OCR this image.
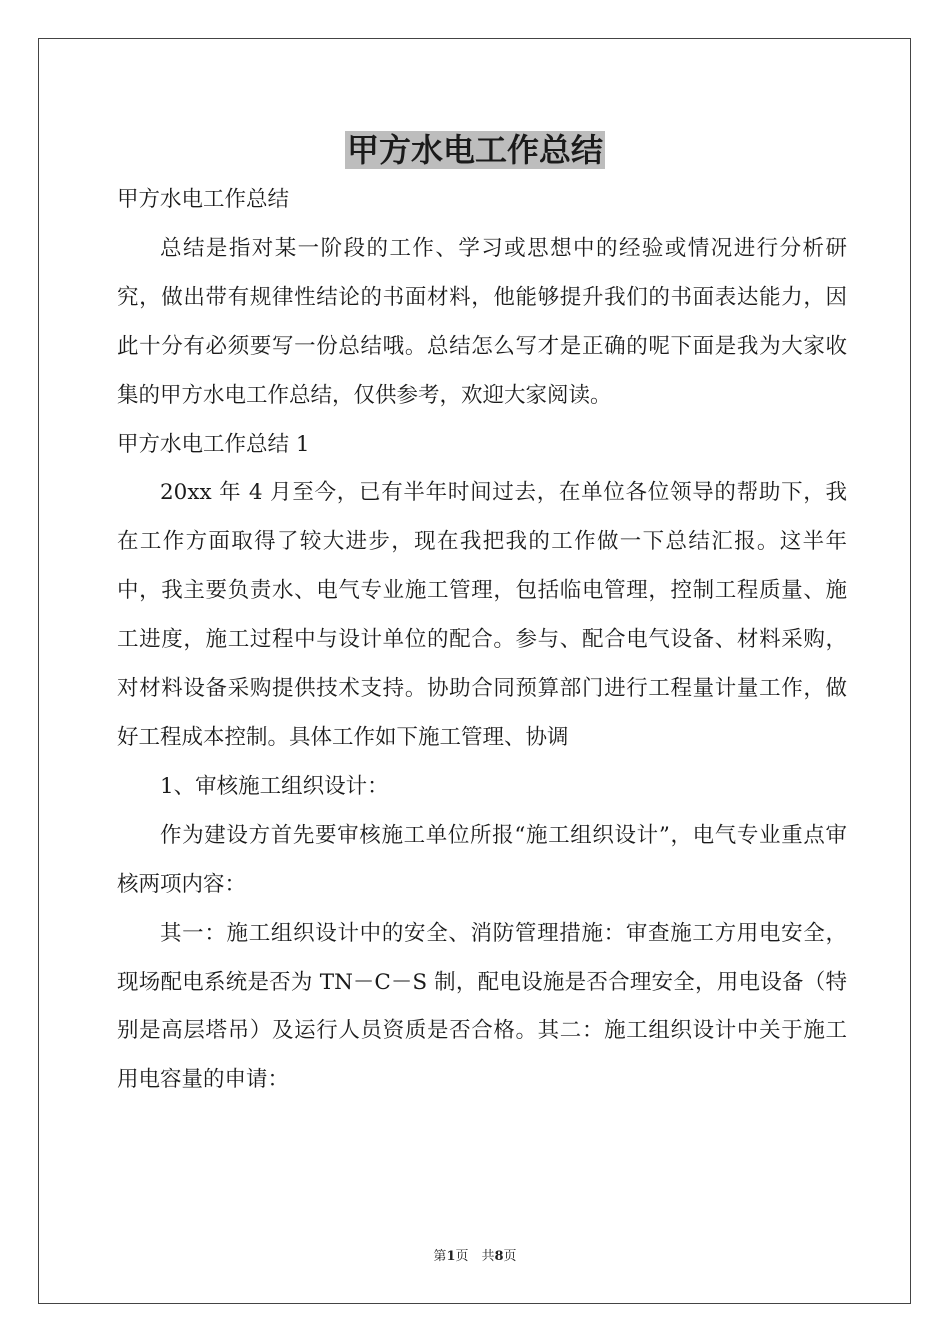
甲方水电工作总结

甲方水电工作总结

总结是指对某一阶段的工作、学习或思想中的经验或情况进行分析研究，做出带有规律性结论的书面材料，他能够提升我们的书面表达能力，因此十分有必须要写一份总结哦。总结怎么写才是正确的呢下面是我为大家收集的甲方水电工作总结，仅供参考，欢迎大家阅读。

甲方水电工作总结 1

20xx 年 4 月至今，已有半年时间过去，在单位各位领导的帮助下，我在工作方面取得了较大进步，现在我把我的工作做一下总结汇报。这半年中，我主要负责水、电气专业施工管理，包括临电管理，控制工程质量、施工进度，施工过程中与设计单位的配合。参与、配合电气设备、材料采购，对材料设备采购提供技术支持。协助合同预算部门进行工程量计量工作，做好工程成本控制。具体工作如下施工管理、协调

1、审核施工组织设计：

作为建设方首先要审核施工单位所报“施工组织设计”，电气专业重点审核两项内容：

其一：施工组织设计中的安全、消防管理措施：审查施工方用电安全，现场配电系统是否为 TN－C－S 制，配电设施是否合理安全，用电设备（特别是高层塔吊）及运行人员资质是否合格。其二：施工组织设计中关于施工用电容量的申请：

第1页　共8页
